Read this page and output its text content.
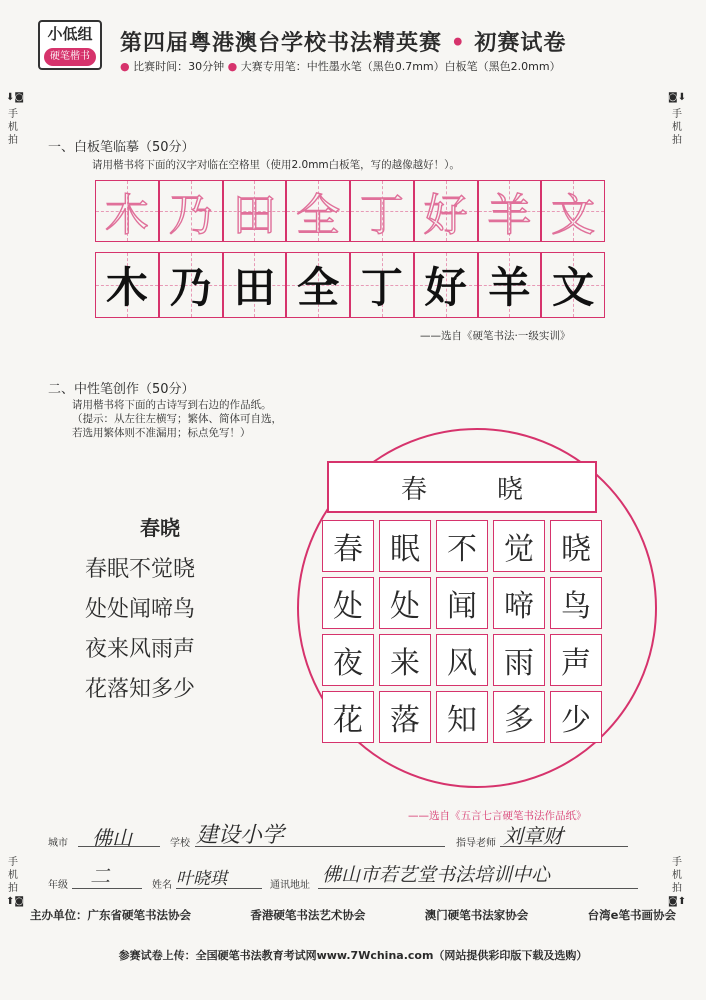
小低组
硬笔楷书
第四届粤港澳台学校书法精英赛 • 初赛试卷
● 比赛时间：30分钟 ● 大赛专用笔：中性墨水笔（黑色0.7mm）白板笔（黑色2.0mm）
⬇◙
手机拍
◙⬇
手机拍
手机拍
⬆◙
手机拍
◙⬆
一、白板笔临摹（50分）
请用楷书将下面的汉字对临在空格里（使用2.0mm白板笔，写的越像越好！）。
木 乃 田 全 丁 好 羊 文
木 乃 田 全 丁 好 羊 文
——选自《硬笔书法·一级实训》
二、中性笔创作（50分）
请用楷书将下面的古诗写到右边的作品纸。
（提示：从左往左横写；繁体、简体可自选，
若选用繁体则不准漏用；标点免写！）
春晓
春眠不觉晓
处处闻啼鸟
夜来风雨声
花落知多少
春	晓
春 眠 不 觉 晓
处 处 闻 啼 鸟
夜 来 风 雨 声
花 落 知 多 少
——选自《五言七言硬笔书法作品纸》
城市 佛山	学校 建设小学	指导老师 刘章财
年级 二	姓名 叶晓琪	通讯地址 佛山市若艺堂书法培训中心
主办单位：广东省硬笔书法协会	香港硬笔书法艺术协会	澳门硬笔书法家协会	台湾e笔书画协会
参赛试卷上传：全国硬笔书法教育考试网www.7Wchina.com（网站提供彩印版下载及选购）
